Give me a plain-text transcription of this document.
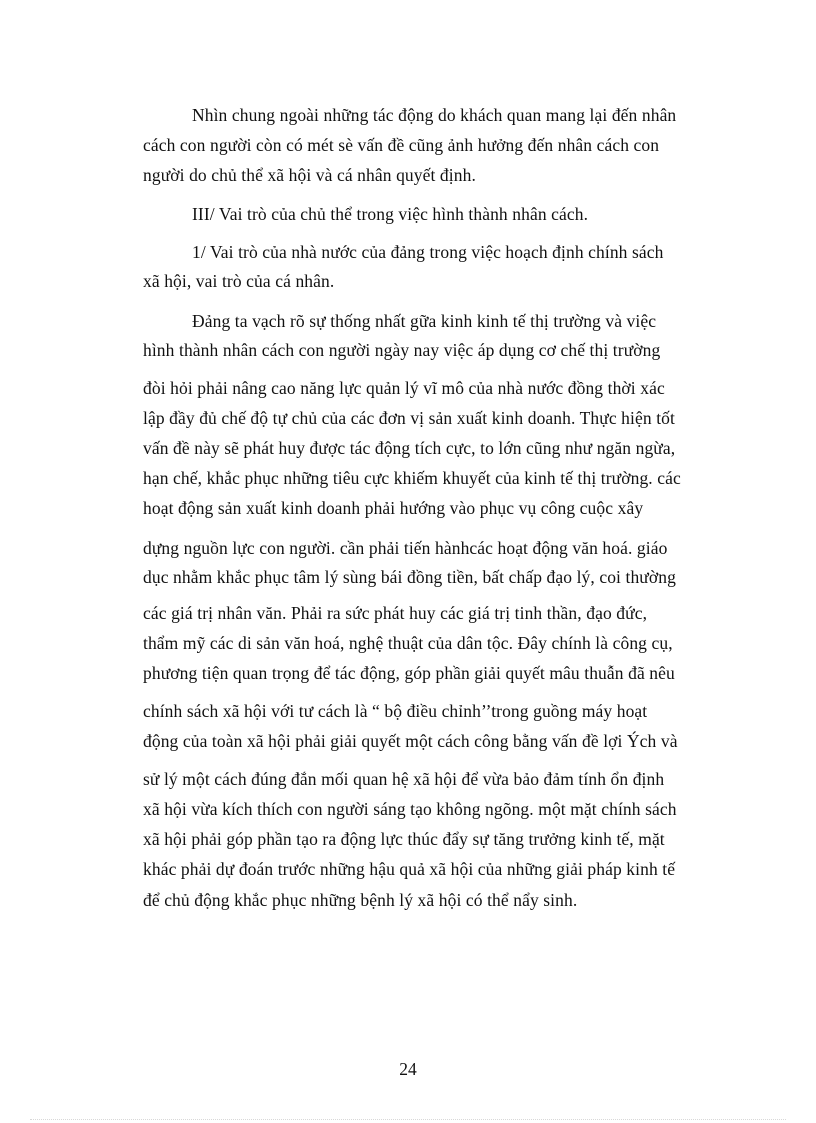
Nhìn chung ngoài những tác động do khách quan mang lại đến nhân
cách con người còn có mét sè vấn đề cũng ảnh hưởng đến nhân cách con
người do chủ thể xã hội và cá nhân quyết định.
III/ Vai trò của chủ thể trong việc hình thành nhân cách.
1/ Vai trò của nhà nước của đảng trong việc hoạch định chính sách
xã hội, vai trò của cá nhân.
Đảng ta vạch rõ sự thống nhất gữa kinh kinh tế thị trường và việc
hình thành nhân cách con người ngày nay việc áp dụng cơ chế thị trường
đòi hỏi phải nâng cao năng lực quản lý vĩ mô của nhà nước đồng thời xác
lập đầy đủ chế độ tự chủ của các đơn vị sản xuất kinh doanh. Thực hiện tốt
vấn đề này sẽ phát huy được tác động tích cực, to lớn cũng như ngăn ngừa,
hạn chế, khắc phục những tiêu cực khiếm khuyết của kinh tế thị trường. các
hoạt động sản xuất kinh doanh phải hướng vào phục vụ công cuộc xây
dựng nguồn lực con người. cần phải tiến hànhcác hoạt động văn hoá. giáo
dục nhằm khắc phục tâm lý sùng bái đồng tiền, bất chấp đạo lý, coi thường
các giá trị nhân văn. Phải ra sức phát huy các giá trị tinh thần, đạo đức,
thẩm mỹ các di sản văn hoá, nghệ thuật của dân tộc. Đây chính là công cụ,
phương tiện quan trọng để tác động, góp phần giải quyết mâu thuẫn đã nêu
chính sách xã hội với tư cách là “ bộ điều chỉnh’’trong guồng máy hoạt
động của toàn xã hội phải giải quyết một cách công bằng vấn đề lợi Ých và
sử lý một cách đúng đắn mối quan hệ xã hội để vừa bảo đảm tính ổn định
xã hội vừa kích thích con người sáng tạo không ngõng. một mặt chính sách
xã hội phải góp phần tạo ra động lực thúc đẩy sự tăng trưởng kinh tế, mặt
khác phải dự đoán trước những hậu quả xã hội của những giải pháp kinh tế
để chủ động khắc phục những bệnh lý xã hội có thể nẩy sinh.
24
